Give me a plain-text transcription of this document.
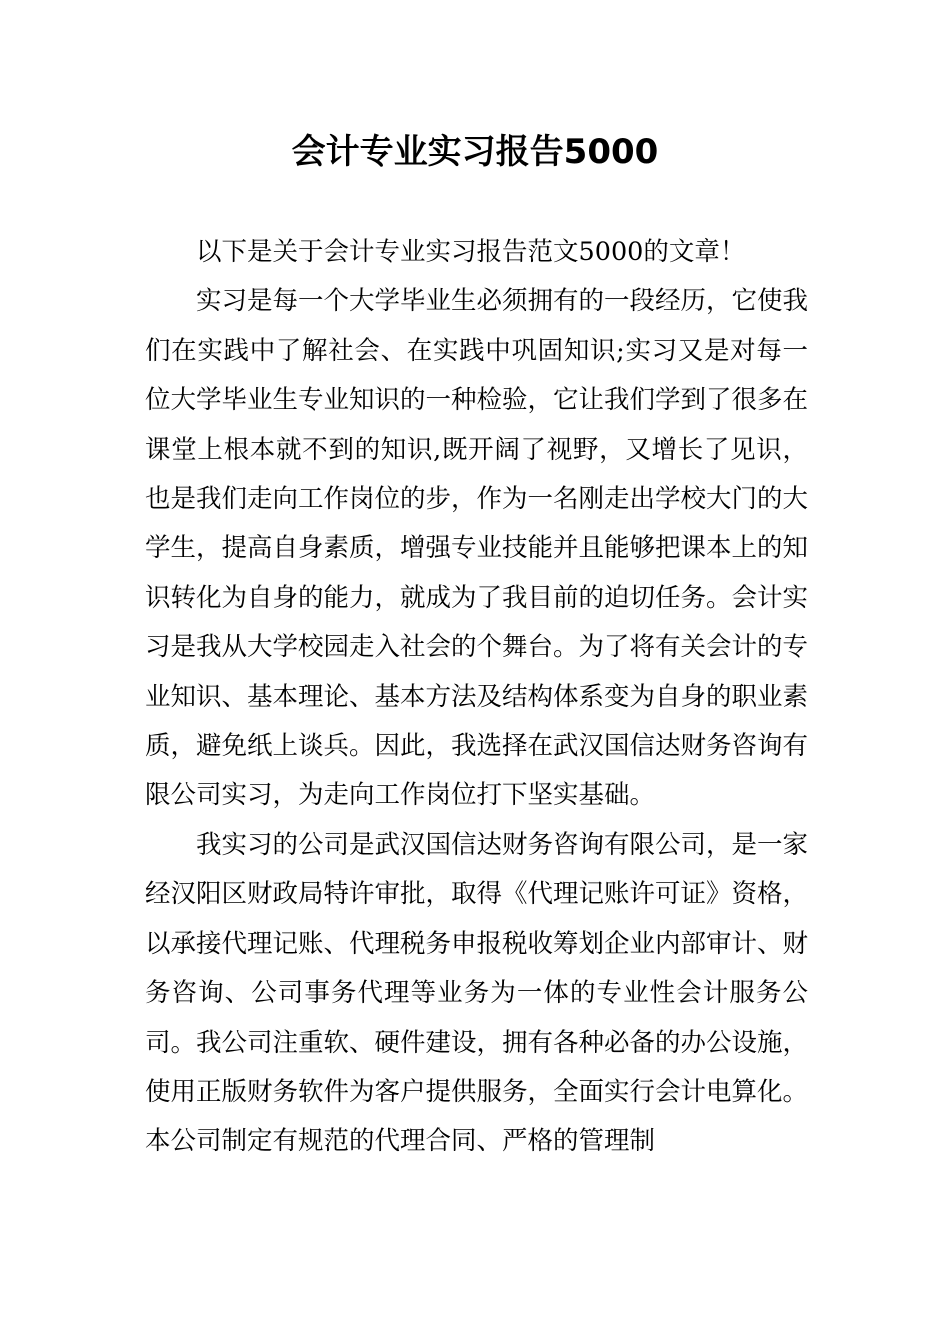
会计专业实习报告5000

以下是关于会计专业实习报告范文5000的文章！

实习是每一个大学毕业生必须拥有的一段经历，它使我们在实践中了解社会、在实践中巩固知识;实习又是对每一位大学毕业生专业知识的一种检验，它让我们学到了很多在课堂上根本就不到的知识,既开阔了视野，又增长了见识，也是我们走向工作岗位的步，作为一名刚走出学校大门的大学生，提高自身素质，增强专业技能并且能够把课本上的知识转化为自身的能力，就成为了我目前的迫切任务。会计实习是我从大学校园走入社会的个舞台。为了将有关会计的专业知识、基本理论、基本方法及结构体系变为自身的职业素质，避免纸上谈兵。因此，我选择在武汉国信达财务咨询有限公司实习，为走向工作岗位打下坚实基础。

我实习的公司是武汉国信达财务咨询有限公司，是一家经汉阳区财政局特许审批，取得《代理记账许可证》资格，以承接代理记账、代理税务申报税收筹划企业内部审计、财务咨询、公司事务代理等业务为一体的专业性会计服务公司。我公司注重软、硬件建设，拥有各种必备的办公设施，使用正版财务软件为客户提供服务，全面实行会计电算化。本公司制定有规范的代理合同、严格的管理制
